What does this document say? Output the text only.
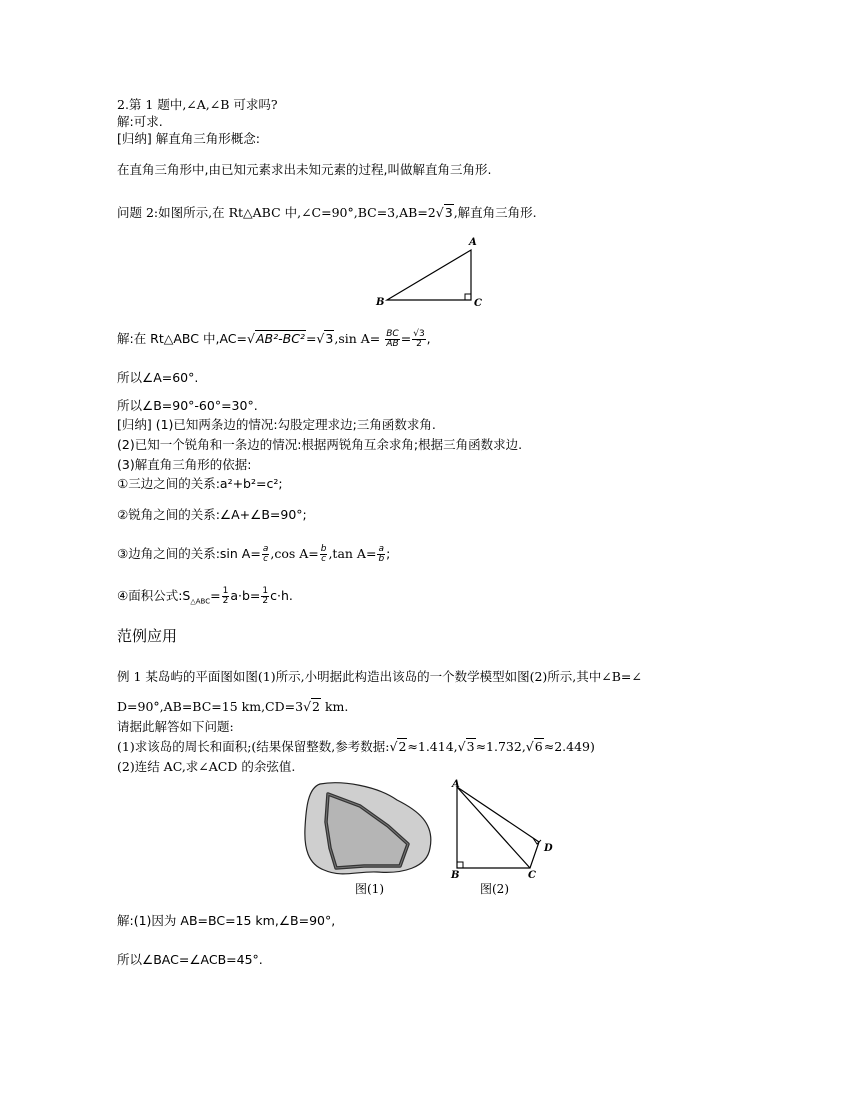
2.第 1 题中,∠A,∠B 可求吗?
解:可求.
[归纳] 解直角三角形概念:
在直角三角形中,由已知元素求出未知元素的过程,叫做解直角三角形.
问题 2:如图所示,在 Rt△ABC 中,∠C=90°,BC=3,AB=2√3,解直角三角形.
A
B	C
解:在 Rt△ABC 中,AC=√AB²-BC²=√3,sin $A= \frac{BC}{AB} = \frac{√3}{2}$ ,
所以∠A=60°.
所以∠B=90°-60°=30°.
[归纳] (1)已知两条边的情况:勾股定理求边;三角函数求角.
(2)已知一个锐角和一条边的情况:根据两锐角互余求角;根据三角函数求边.
(3)解直角三角形的依据:
①三边之间的关系:a²+b²=c²;
②锐角之间的关系:∠A+∠B=90°;
③边角之间的关系:sin $A= \frac{a}{c} ,\cos$ $A= \frac{b}{c} ,\tan$ $A= \frac{a}{b}$ ;
④面积公式$:S_{\triangle ABC}= \frac{1}{2} a\cdot b= \frac{1}{2} c\cdot h$.
范例应用
例 1 某岛屿的平面图如图(1)所示,小明据此构造出该岛的一个数学模型如图(2)所示,其中∠B=∠
D=90°,AB=BC=15 km,CD=3√2 km.
请据此解答如下问题:
(1)求该岛的周长和面积;(结果保留整数,参考数据:√2≈1.414,√3≈1.732,√6≈2.449)
(2)连结 AC,求∠ACD 的余弦值.
图(1)
A
B	C
D
图(2)
解:(1)因为 AB=BC=15 km,∠B=90°,
所以∠BAC=∠ACB=45°.
